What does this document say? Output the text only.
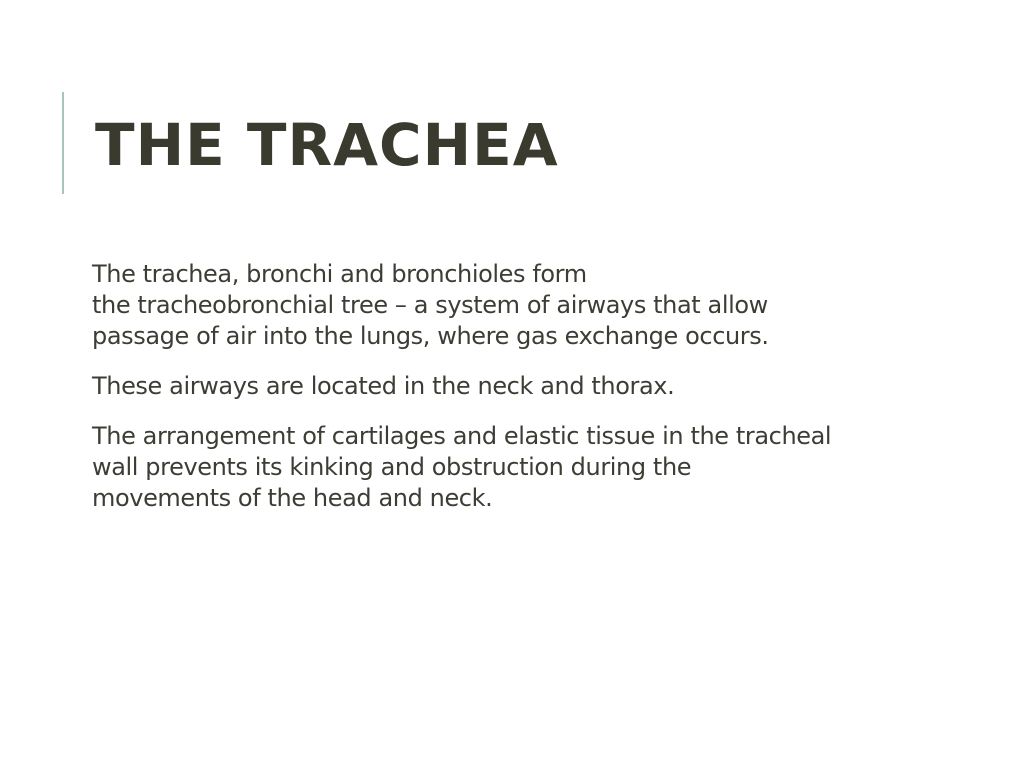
THE TRACHEA

The trachea, bronchi and bronchioles form
the tracheobronchial tree – a system of airways that allow
passage of air into the lungs, where gas exchange occurs.

These airways are located in the neck and thorax.

The arrangement of cartilages and elastic tissue in the tracheal
wall prevents its kinking and obstruction during the
movements of the head and neck.
